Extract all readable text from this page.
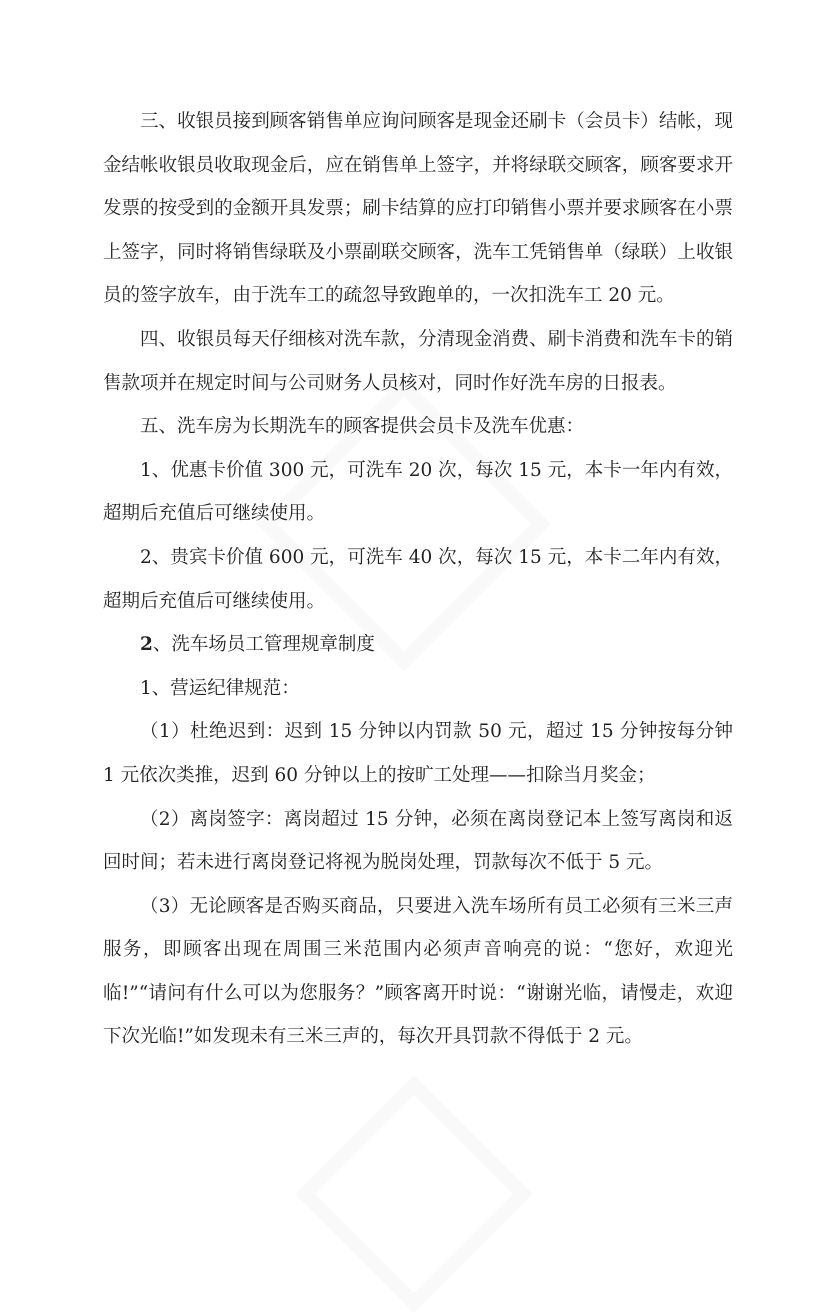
三、收银员接到顾客销售单应询问顾客是现金还刷卡（会员卡）结帐，现金结帐收银员收取现金后，应在销售单上签字，并将绿联交顾客，顾客要求开发票的按受到的金额开具发票；刷卡结算的应打印销售小票并要求顾客在小票上签字，同时将销售绿联及小票副联交顾客，洗车工凭销售单（绿联）上收银员的签字放车，由于洗车工的疏忽导致跑单的，一次扣洗车工 20 元。

四、收银员每天仔细核对洗车款，分清现金消费、刷卡消费和洗车卡的销售款项并在规定时间与公司财务人员核对，同时作好洗车房的日报表。

五、洗车房为长期洗车的顾客提供会员卡及洗车优惠：

1、优惠卡价值 300 元，可洗车 20 次，每次 15 元，本卡一年内有效，超期后充值后可继续使用。

2、贵宾卡价值 600 元，可洗车 40 次，每次 15 元，本卡二年内有效，超期后充值后可继续使用。

2、洗车场员工管理规章制度

1、营运纪律规范：

（1）杜绝迟到：迟到 15 分钟以内罚款 50 元，超过 15 分钟按每分钟 1 元依次类推，迟到 60 分钟以上的按旷工处理——扣除当月奖金；

（2）离岗签字：离岗超过 15 分钟，必须在离岗登记本上签写离岗和返回时间；若未进行离岗登记将视为脱岗处理，罚款每次不低于 5 元。

（3）无论顾客是否购买商品，只要进入洗车场所有员工必须有三米三声服务，即顾客出现在周围三米范围内必须声音响亮的说：“您好，欢迎光临!”“请问有什么可以为您服务？”顾客离开时说：“谢谢光临，请慢走，欢迎下次光临!”如发现未有三米三声的，每次开具罚款不得低于 2 元。
